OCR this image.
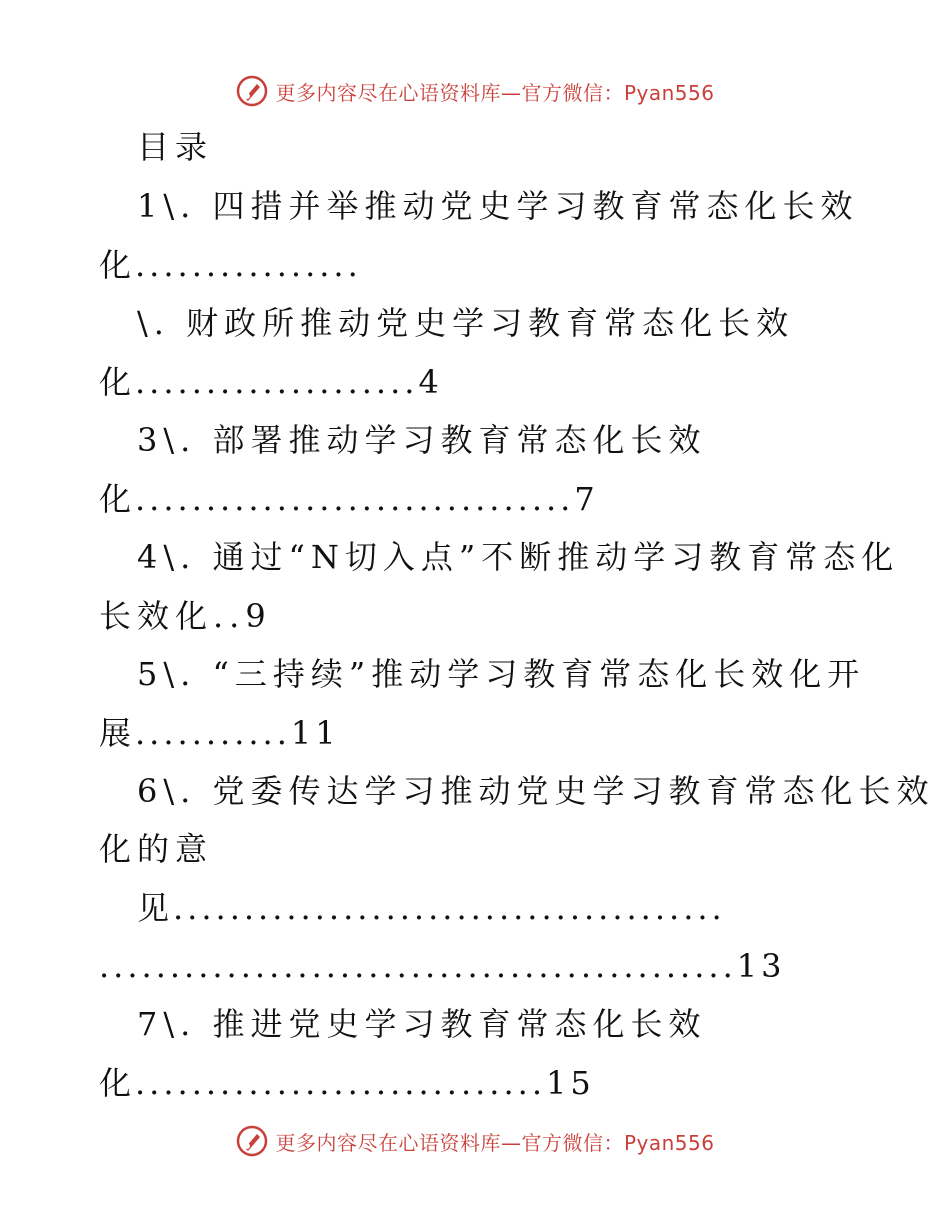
更多内容尽在心语资料库—官方微信：Pyan556
目录
1\. 四措并举推动党史学习教育常态化长效
化................
\. 财政所推动党史学习教育常态化长效
化....................4
3\. 部署推动学习教育常态化长效
化...............................7
4\. 通过“N切入点”不断推动学习教育常态化
长效化..9
5\. “三持续”推动学习教育常态化长效化开
展...........11
6\. 党委传达学习推动党史学习教育常态化长效
化的意
见.......................................
.............................................13
7\. 推进党史学习教育常态化长效
化.............................15
更多内容尽在心语资料库—官方微信：Pyan556
